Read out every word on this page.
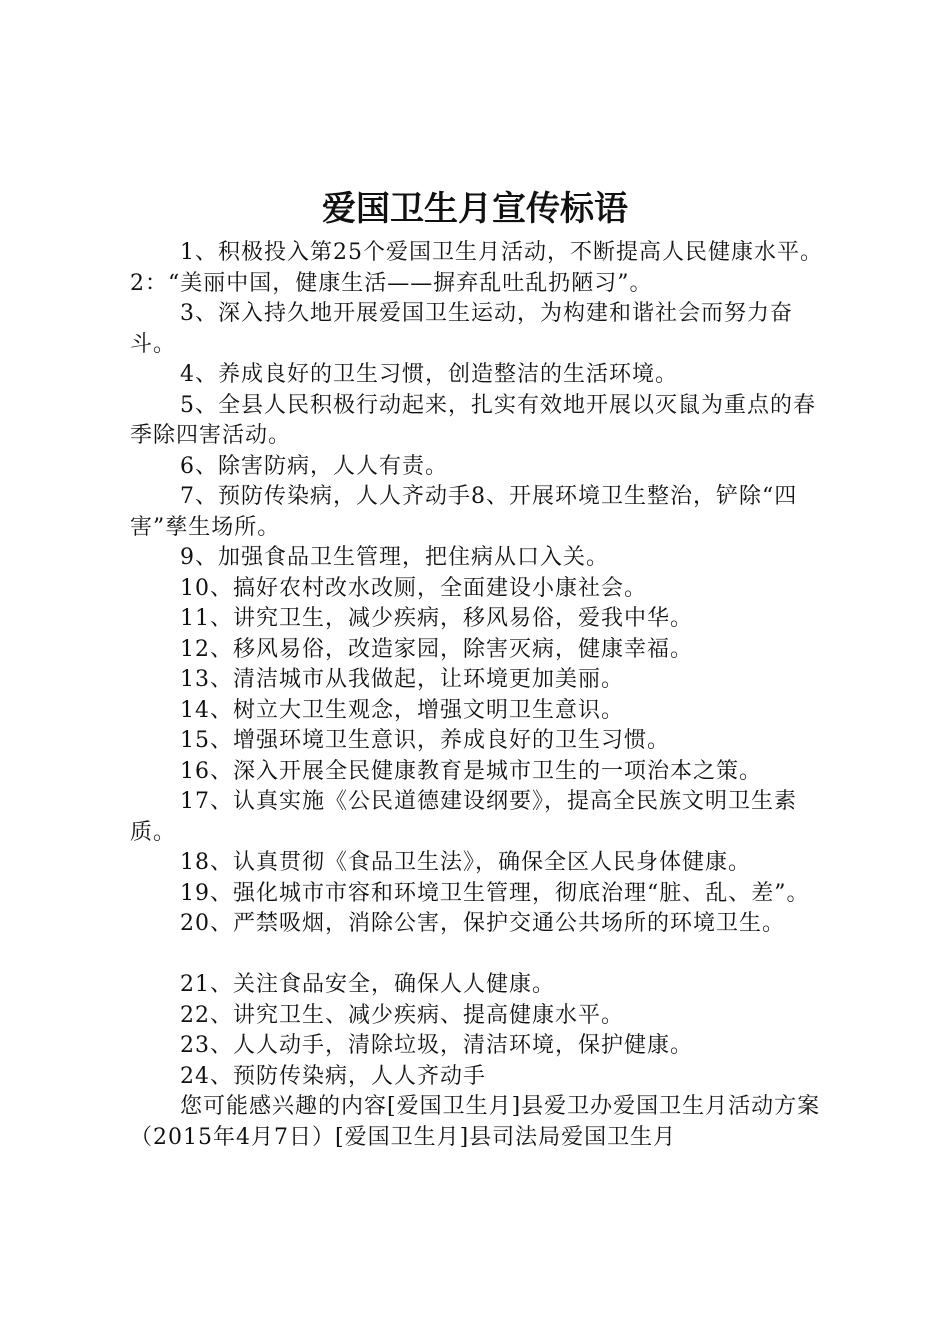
爱国卫生月宣传标语

1、积极投入第25个爱国卫生月活动，不断提高人民健康水平。2：“美丽中国，健康生活——摒弃乱吐乱扔陋习”。

3、深入持久地开展爱国卫生运动，为构建和谐社会而努力奋斗。

4、养成良好的卫生习惯，创造整洁的生活环境。

5、全县人民积极行动起来，扎实有效地开展以灭鼠为重点的春季除四害活动。

6、除害防病，人人有责。

7、预防传染病，人人齐动手8、开展环境卫生整治，铲除“四害”孳生场所。

9、加强食品卫生管理，把住病从口入关。

10、搞好农村改水改厕，全面建设小康社会。

11、讲究卫生，减少疾病，移风易俗，爱我中华。

12、移风易俗，改造家园，除害灭病，健康幸福。

13、清洁城市从我做起，让环境更加美丽。

14、树立大卫生观念，增强文明卫生意识。

15、增强环境卫生意识，养成良好的卫生习惯。

16、深入开展全民健康教育是城市卫生的一项治本之策。

17、认真实施《公民道德建设纲要》，提高全民族文明卫生素质。

18、认真贯彻《食品卫生法》，确保全区人民身体健康。

19、强化城市市容和环境卫生管理，彻底治理“脏、乱、差”。

20、严禁吸烟，消除公害，保护交通公共场所的环境卫生。

21、关注食品安全，确保人人健康。

22、讲究卫生、减少疾病、提高健康水平。

23、人人动手，清除垃圾，清洁环境，保护健康。

24、预防传染病，人人齐动手

您可能感兴趣的内容[爱国卫生月]县爱卫办爱国卫生月活动方案（2015年4月7日）[爱国卫生月]县司法局爱国卫生月
